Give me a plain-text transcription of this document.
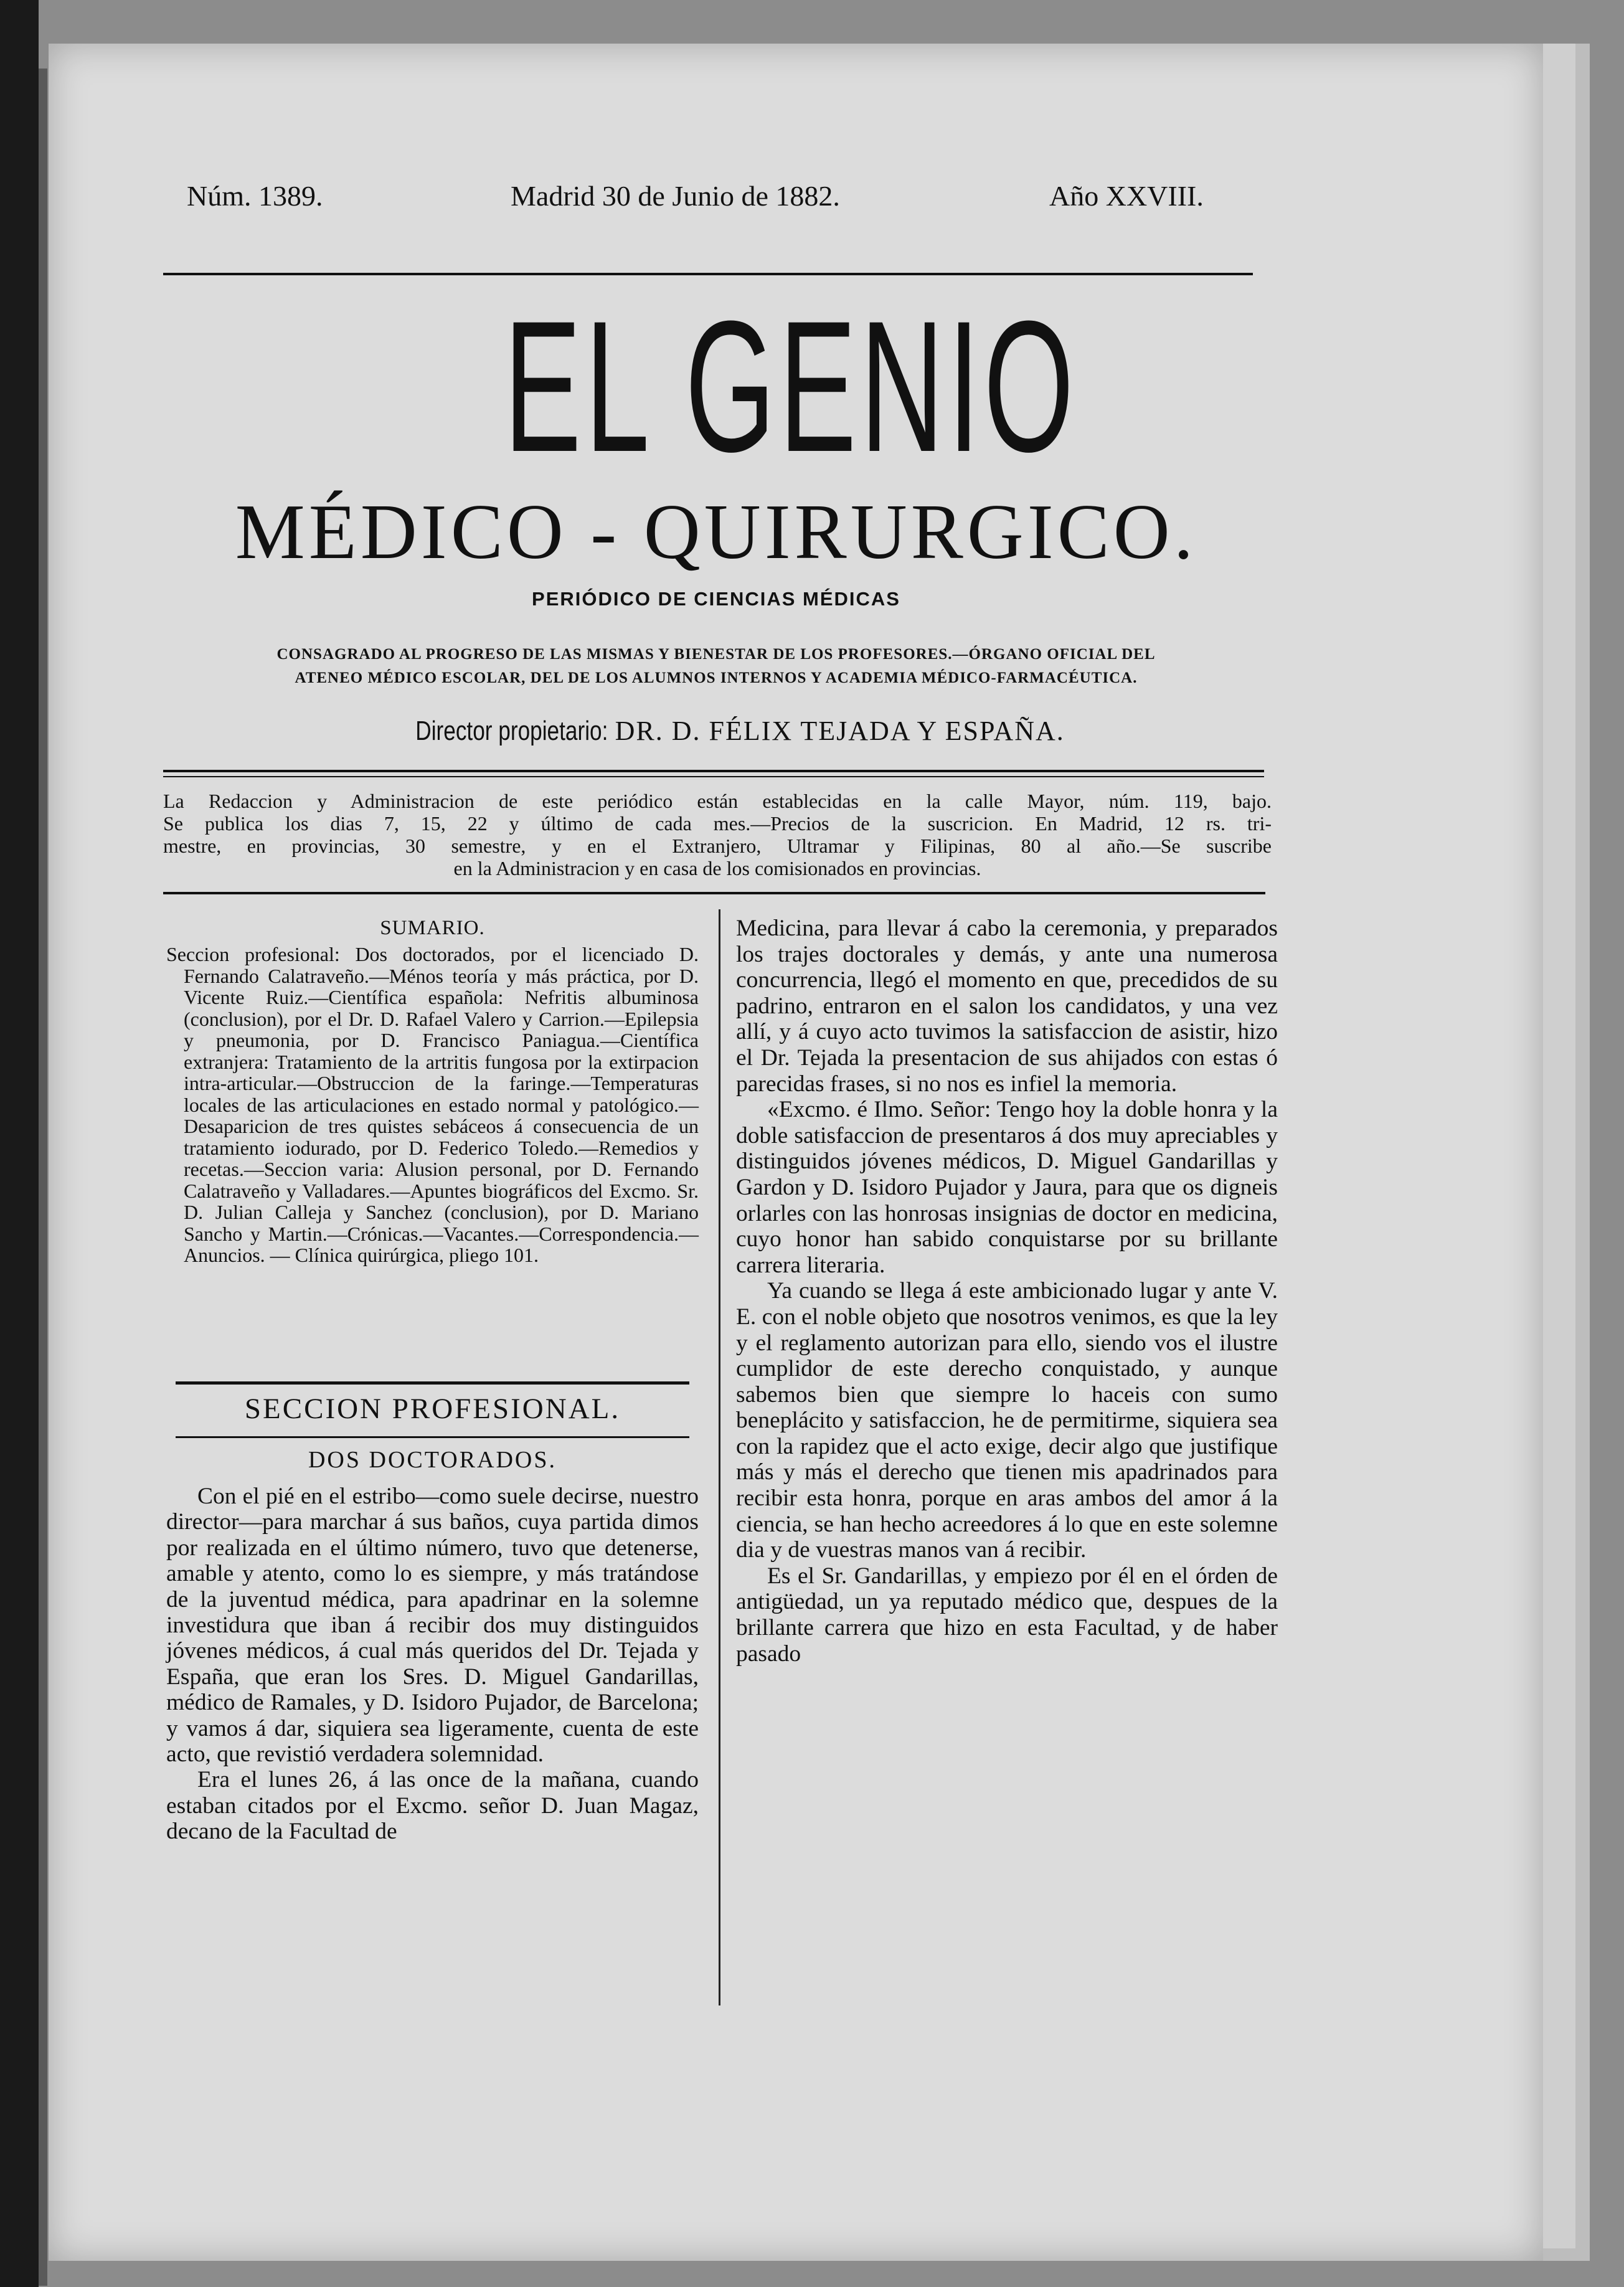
Núm. 1389.	Madrid 30 de Junio de 1882.	Año XXVIII.
EL GENIO
MÉDICO - QUIRURGICO.
PERIÓDICO DE CIENCIAS MÉDICAS
CONSAGRADO AL PROGRESO DE LAS MISMAS Y BIENESTAR DE LOS PROFESORES.—ÓRGANO OFICIAL DEL
ATENEO MÉDICO ESCOLAR, DEL DE LOS ALUMNOS INTERNOS Y ACADEMIA MÉDICO-FARMACÉUTICA.
Director propietario: DR. D. FÉLIX TEJADA Y ESPAÑA.

La Redaccion y Administracion de este periódico están establecidas en la calle Mayor, núm. 119, bajo.

Se publica los dias 7, 15, 22 y último de cada mes.—Precios de la suscricion. En Madrid, 12 rs. tri-

mestre, en provincias, 30 semestre, y en el Extranjero, Ultramar y Filipinas, 80 al año.—Se suscribe

en la Administracion y en casa de los comisionados en provincias.

SUMARIO.

Seccion profesional: Dos doctorados, por el licenciado D. Fernando Calatraveño.—Ménos teoría y más práctica, por D. Vicente Ruiz.—Científica española: Nefritis albuminosa (conclusion), por el Dr. D. Rafael Valero y Carrion.—Epilepsia y pneumonia, por D. Francisco Paniagua.—Científica extranjera: Tratamiento de la artritis fungosa por la extirpacion intra-articular.—Obstruccion de la faringe.—Temperaturas locales de las articulaciones en estado normal y patológico.—Desaparicion de tres quistes sebáceos á consecuencia de un tratamiento iodurado, por D. Federico Toledo.—Remedios y recetas.—Seccion varia: Alusion personal, por D. Fernando Calatraveño y Valladares.—Apuntes biográficos del Excmo. Sr. D. Julian Calleja y Sanchez (conclusion), por D. Mariano Sancho y Martin.—Crónicas.—Vacantes.—Correspondencia.—Anuncios. — Clínica quirúrgica, pliego 101.

SECCION PROFESIONAL.
DOS DOCTORADOS.

Con el pié en el estribo—como suele decirse, nuestro director—para marchar á sus baños, cuya partida dimos por realizada en el último número, tuvo que detenerse, amable y atento, como lo es siempre, y más tratándose de la juventud médica, para apadrinar en la solemne investidura que iban á recibir dos muy distinguidos jóvenes médicos, á cual más queridos del Dr. Tejada y España, que eran los Sres. D. Miguel Gandarillas, médico de Ramales, y D. Isidoro Pujador, de Barcelona; y vamos á dar, siquiera sea ligeramente, cuenta de este acto, que revistió verdadera solemnidad.

Era el lunes 26, á las once de la mañana, cuando estaban citados por el Excmo. señor D. Juan Magaz, decano de la Facultad de

Medicina, para llevar á cabo la ceremonia, y preparados los trajes doctorales y demás, y ante una numerosa concurrencia, llegó el momento en que, precedidos de su padrino, entraron en el salon los candidatos, y una vez allí, y á cuyo acto tuvimos la satisfaccion de asistir, hizo el Dr. Tejada la presentacion de sus ahijados con estas ó parecidas frases, si no nos es infiel la memoria.

«Excmo. é Ilmo. Señor: Tengo hoy la doble honra y la doble satisfaccion de presentaros á dos muy apreciables y distinguidos jóvenes médicos, D. Miguel Gandarillas y Gardon y D. Isidoro Pujador y Jaura, para que os digneis orlarles con las honrosas insignias de doctor en medicina, cuyo honor han sabido conquistarse por su brillante carrera literaria.

Ya cuando se llega á este ambicionado lugar y ante V. E. con el noble objeto que nosotros venimos, es que la ley y el reglamento autorizan para ello, siendo vos el ilustre cumplidor de este derecho conquistado, y aunque sabemos bien que siempre lo haceis con sumo beneplácito y satisfaccion, he de permitirme, siquiera sea con la rapidez que el acto exige, decir algo que justifique más y más el derecho que tienen mis apadrinados para recibir esta honra, porque en aras ambos del amor á la ciencia, se han hecho acreedores á lo que en este solemne dia y de vuestras manos van á recibir.

Es el Sr. Gandarillas, y empiezo por él en el órden de antigüedad, un ya reputado médico que, despues de la brillante carrera que hizo en esta Facultad, y de haber pasado
